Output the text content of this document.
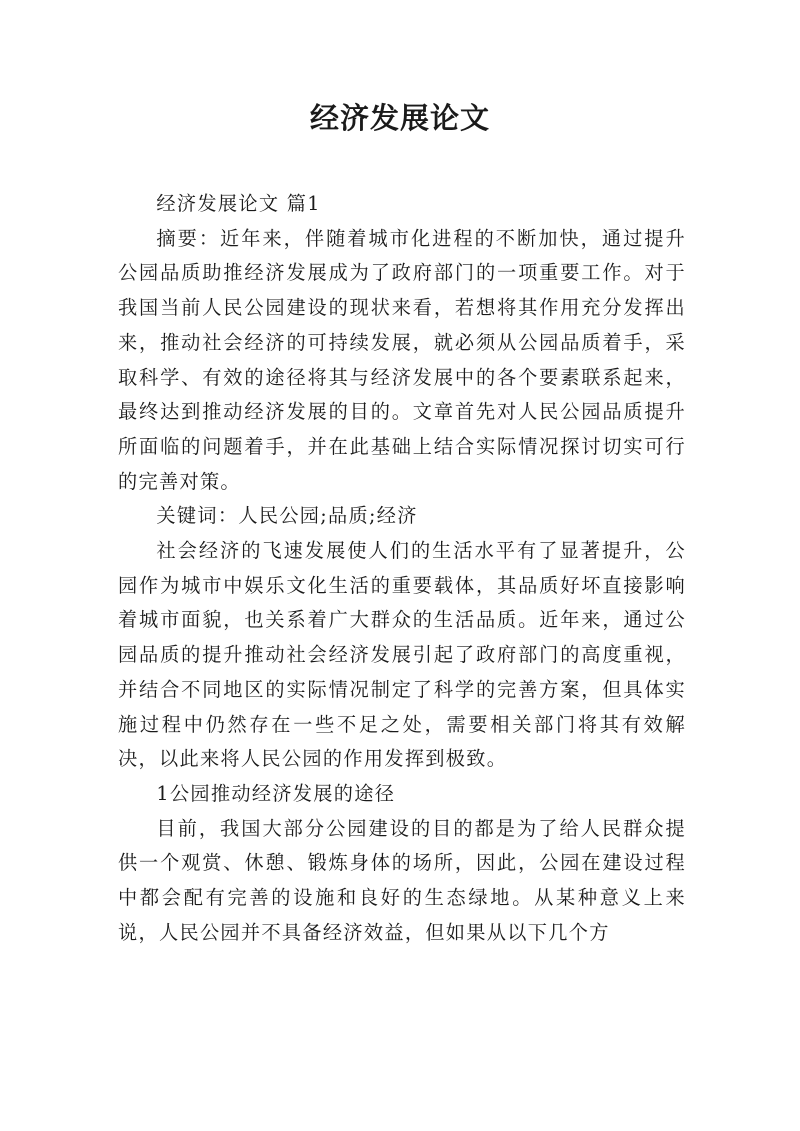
经济发展论文

经济发展论文 篇1

摘要：近年来，伴随着城市化进程的不断加快，通过提升公园品质助推经济发展成为了政府部门的一项重要工作。对于我国当前人民公园建设的现状来看，若想将其作用充分发挥出来，推动社会经济的可持续发展，就必须从公园品质着手，采取科学、有效的途径将其与经济发展中的各个要素联系起来，最终达到推动经济发展的目的。文章首先对人民公园品质提升所面临的问题着手，并在此基础上结合实际情况探讨切实可行的完善对策。

关键词：人民公园;品质;经济

社会经济的飞速发展使人们的生活水平有了显著提升，公园作为城市中娱乐文化生活的重要载体，其品质好坏直接影响着城市面貌，也关系着广大群众的生活品质。近年来，通过公园品质的提升推动社会经济发展引起了政府部门的高度重视，并结合不同地区的实际情况制定了科学的完善方案，但具体实施过程中仍然存在一些不足之处，需要相关部门将其有效解决，以此来将人民公园的作用发挥到极致。

1公园推动经济发展的途径

目前，我国大部分公园建设的目的都是为了给人民群众提供一个观赏、休憩、锻炼身体的场所，因此，公园在建设过程中都会配有完善的设施和良好的生态绿地。从某种意义上来说，人民公园并不具备经济效益，但如果从以下几个方
